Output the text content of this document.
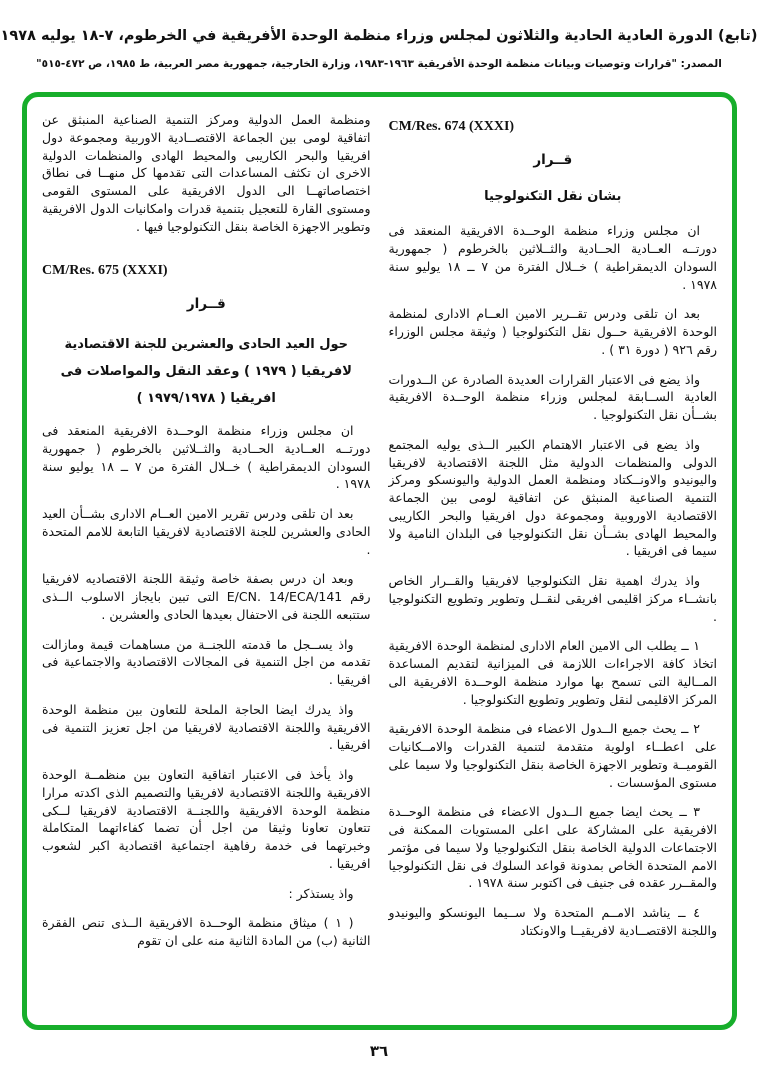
(تابع) الدورة العادية الحادية والثلاثون لمجلس وزراء منظمة الوحدة الأفريقية في الخرطوم، ٧-١٨ يوليه ١٩٧٨
المصدر: "قرارات وتوصيات وبيانات منظمة الوحدة الأفريقية ١٩٦٣-١٩٨٣، وزارة الخارجية، جمهورية مصر العربية، ط ١٩٨٥، ص ٤٧٢-٥١٥"
CM/Res. 674 (XXXI)
قــرار
بشان نقل التكنولوجيا

ان مجلس وزراء منظمة الوحــدة الافريقية المنعقد فى دورتــه العــادية الحــادية والثــلاثين بالخرطوم ( جمهورية السودان الديمقراطية ) خــلال الفترة من ٧ ــ ١٨ يوليو سنة ١٩٧٨ .

بعد ان تلقى ودرس تقــرير الامين العــام الادارى لمنظمة الوحدة الافريقية حــول نقل التكنولوجيا ( وثيقة مجلس الوزراء رقم ٩٢٦ ( دورة ٣١ ) .

واذ يضع فى الاعتبار القرارات العديدة الصادرة عن الــدورات العادية الســابقة لمجلس وزراء منظمة الوحــدة الافريقية بشــأن نقل التكنولوجيا .

واذ يضع فى الاعتبار الاهتمام الكبير الــذى يوليه المجتمع الدولى والمنظمات الدولية مثل اللجنة الاقتصادية لافريقيا واليونيدو والاونــكتاد ومنظمة العمل الدولية واليونسكو ومركز التنمية الصناعية المنبثق عن اتفاقية لومى بين الجماعة الاقتصادية الاوروبية ومجموعة دول افريقيا والبحر الكاريبى والمحيط الهادى بشــأن نقل التكنولوجيا فى البلدان النامية ولا سيما فى افريقيا .

واذ يدرك اهمية نقل التكنولوجيا لافريقيا والقــرار الخاص بانشــاء مركز اقليمى افريقى لنقــل وتطوير وتطويع التكنولوجيا .

١ ــ يطلب الى الامين العام الادارى لمنظمة الوحدة الافريقية اتخاذ كافة الاجراءات اللازمة فى الميزانية لتقديم المساعدة المــالية التى تسمح بها موارد منظمة الوحــدة الافريقية الى المركز الاقليمى لنقل وتطوير وتطويع التكنولوجيا .

٢ ــ يحث جميع الــدول الاعضاء فى منظمة الوحدة الافريقية على اعطــاء اولوية متقدمة لتنمية القدرات والامــكانيات القوميــة وتطوير الاجهزة الخاصة بنقل التكنولوجيا ولا سيما على مستوى المؤسسات .

٣ ــ يحث ايضا جميع الــدول الاعضاء فى منظمة الوحــدة الافريقية على المشاركة على اعلى المستويات الممكنة فى الاجتماعات الدولية الخاصة بنقل التكنولوجيا ولا سيما فى مؤتمر الامم المتحدة الخاص بمدونة قواعد السلوك فى نقل التكنولوجيا والمقــرر عقده فى جنيف فى اكتوبر سنة ١٩٧٨ .

٤ ــ يناشد الامــم المتحدة ولا ســيما اليونسكو واليونيدو واللجنة الاقتصــادية لافريقيــا والاونكتاد

ومنظمة العمل الدولية ومركز التنمية الصناعية المنبثق عن اتفاقية لومى بين الجماعة الاقتصــادية الاوربية ومجموعة دول افريقيا والبحر الكاريبى والمحيط الهادى والمنظمات الدولية الاخرى ان تكثف المساعدات التى تقدمها كل منهــا فى نطاق اختصاصاتهــا الى الدول الافريقية على المستوى القومى ومستوى القارة للتعجيل بتنمية قدرات وامكانيات الدول الافريقية وتطوير الاجهزة الخاصة بنقل التكنولوجيا فيها .

CM/Res. 675 (XXXI)
قــرار
حول العيد الحادى والعشرين للجنة الاقتصادية لافريقيا ( ١٩٧٩ ) وعقد النقل والمواصلات فى افريقيا ( ١٩٧٩/١٩٧٨ )

ان مجلس وزراء منظمة الوحــدة الافريقية المنعقد فى دورتــه العــادية الحــادية والثــلاثين بالخرطوم ( جمهورية السودان الديمقراطية ) خــلال الفترة من ٧ ــ ١٨ يوليو سنة ١٩٧٨ .

بعد ان تلقى ودرس تقرير الامين العــام الادارى بشــأن العيد الحادى والعشرين للجنة الاقتصادية لافريقيا التابعة للامم المتحدة .

وبعد ان درس بصفة خاصة وثيقة اللجنة الاقتصاديه لافريقيا رقم ‪E/CN. 14/ECA/141‬ التى تبين بايجاز الاسلوب الــذى ستتبعه اللجنة فى الاحتفال بعيدها الحادى والعشرين .

واذ يســجل ما قدمته اللجنــة من مساهمات قيمة ومازالت تقدمه من اجل التنمية فى المجالات الاقتصادية والاجتماعية فى افريقيا .

واذ يدرك ايضا الحاجة الملحة للتعاون بين منظمة الوحدة الافريقية واللجنة الاقتصادية لافريقيا من اجل تعزيز التنمية فى افريقيا .

واذ يأخذ فى الاعتبار اتفاقية التعاون بين منظمــة الوحدة الافريقية واللجنة الاقتصادية لافريقيا والتصميم الذى اكدته مرارا منظمة الوحدة الافريقية واللجنــة الاقتصادية لافريقيا لــكى تتعاون تعاونا وثيقا من اجل أن تضما كفاءاتهما المتكاملة وخبرتهما فى خدمة رفاهية اجتماعية اقتصادية اكبر لشعوب افريقيا .

واذ يستذكر :

( ١ ) ميثاق منظمة الوحــدة الافريقية الــذى تنص الفقرة الثانية (ب) من المادة الثانية منه على ان تقوم

٣٦
